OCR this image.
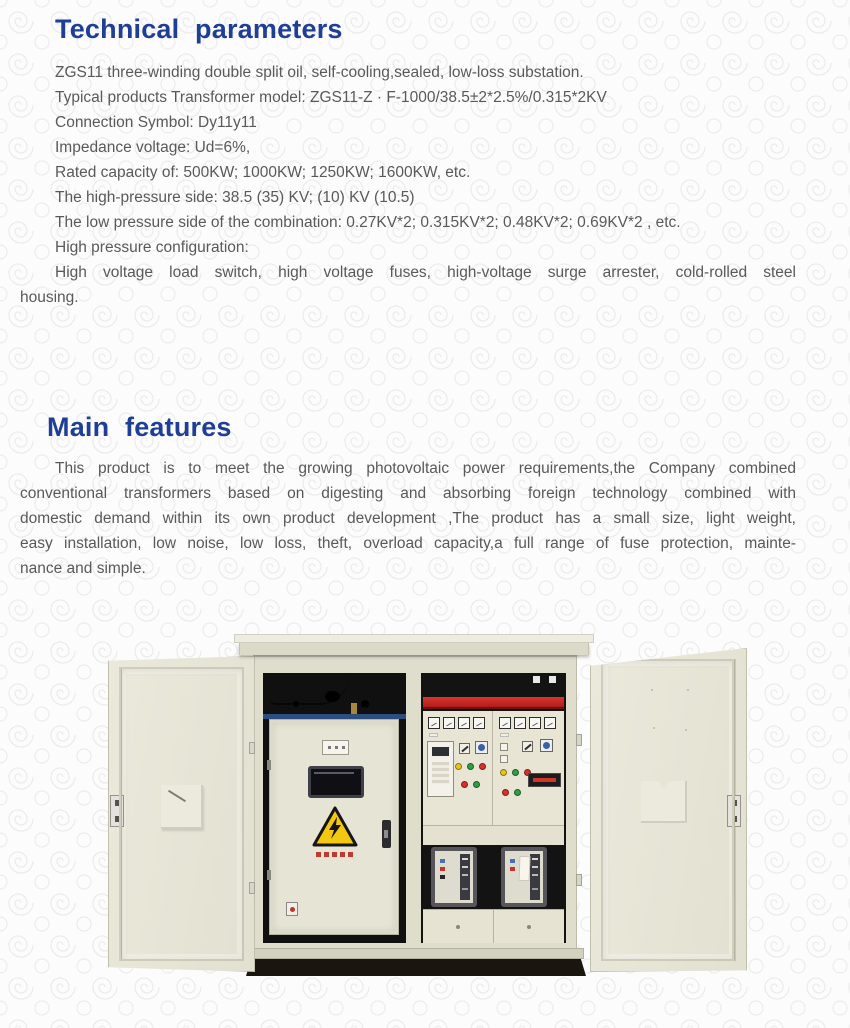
Technical parameters
ZGS11 three-winding double split oil, self-cooling,sealed, low-loss substation.
Typical products Transformer model: ZGS11-Z · F-1000/38.5±2*2.5%/0.315*2KV
Connection Symbol: Dy11y11
Impedance voltage: Ud=6%,
Rated capacity of: 500KW; 1000KW; 1250KW; 1600KW, etc.
The high-pressure side: 38.5 (35) KV; (10) KV (10.5)
The low pressure side of the combination: 0.27KV*2; 0.315KV*2; 0.48KV*2; 0.69KV*2 , etc.
High pressure configuration:
High voltage load switch, high voltage fuses, high-voltage surge arrester, cold-rolled steel
housing.
Main features
This product is to meet the growing photovoltaic power requirements,the Company combined
conventional transformers based on digesting and absorbing foreign technology combined with
domestic demand within its own product development ,The product has a small size, light weight,
easy installation, low noise, low loss, theft, overload capacity,a full range of fuse protection, mainte-
nance and simple.
